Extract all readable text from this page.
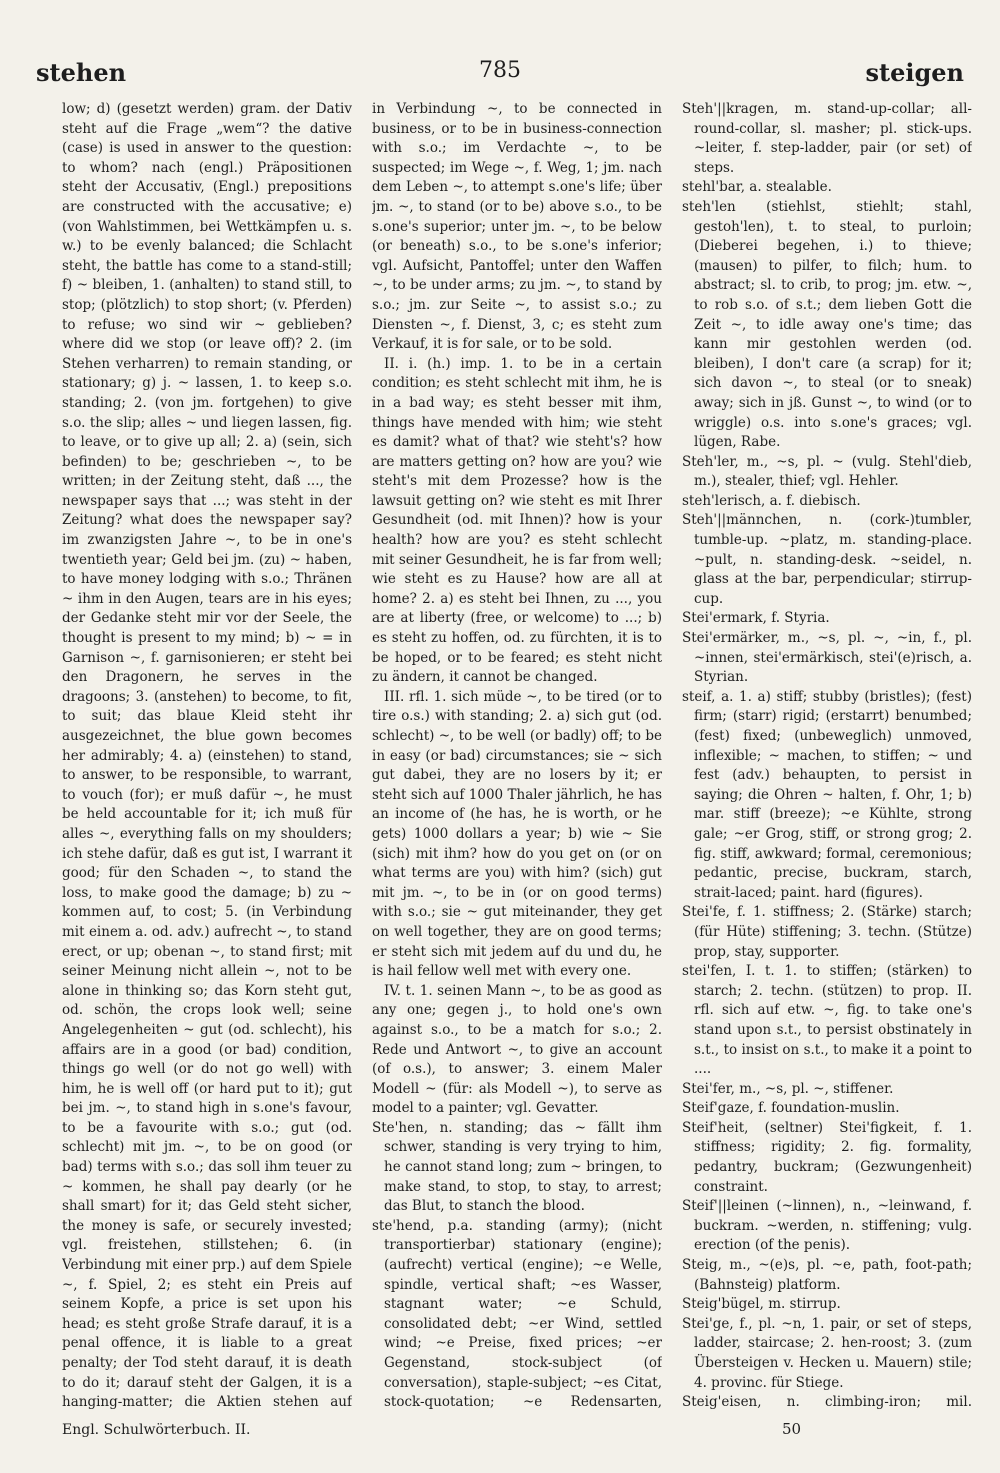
stehen	785	steigen

low; d) (gesetzt werden) gram. der Dativ steht auf die Frage „wem“? the dative (case) is used in answer to the question: to whom? nach (engl.) Präpositionen steht der Accusativ, (Engl.) prepositions are constructed with the accusative; e) (von Wahlstimmen, bei Wettkämpfen u. s. w.) to be evenly balanced; die Schlacht steht, the battle has come to a stand-still; f) ~ bleiben, 1. (anhalten) to stand still, to stop; (plötzlich) to stop short; (v. Pferden) to refuse; wo sind wir ~ geblieben? where did we stop (or leave off)? 2. (im Stehen verharren) to remain standing, or stationary; g) j. ~ lassen, 1. to keep s.o. standing; 2. (von jm. fortgehen) to give s.o. the slip; alles ~ und liegen lassen, fig. to leave, or to give up all; 2. a) (sein, sich befinden) to be; geschrieben ~, to be written; in der Zeitung steht, daß ..., the newspaper says that ...; was steht in der Zeitung? what does the newspaper say? im zwanzigsten Jahre ~, to be in one's twentieth year; Geld bei jm. (zu) ~ haben, to have money lodging with s.o.; Thränen ~ ihm in den Augen, tears are in his eyes; der Gedanke steht mir vor der Seele, the thought is present to my mind; b) ~ = in Garnison ~, f. garnisonieren; er steht bei den Dragonern, he serves in the dragoons; 3. (anstehen) to become, to fit, to suit; das blaue Kleid steht ihr ausgezeichnet, the blue gown becomes her admirably; 4. a) (einstehen) to stand, to answer, to be responsible, to warrant, to vouch (for); er muß dafür ~, he must be held accountable for it; ich muß für alles ~, everything falls on my shoulders; ich stehe dafür, daß es gut ist, I warrant it good; für den Schaden ~, to stand the loss, to make good the damage; b) zu ~ kommen auf, to cost; 5. (in Verbindung mit einem a. od. adv.) aufrecht ~, to stand erect, or up; obenan ~, to stand first; mit seiner Meinung nicht allein ~, not to be alone in thinking so; das Korn steht gut, od. schön, the crops look well; seine Angelegenheiten ~ gut (od. schlecht), his affairs are in a good (or bad) condition, things go well (or do not go well) with him, he is well off (or hard put to it); gut bei jm. ~, to stand high in s.one's favour, to be a favourite with s.o.; gut (od. schlecht) mit jm. ~, to be on good (or bad) terms with s.o.; das soll ihm teuer zu ~ kommen, he shall pay dearly (or he shall smart) for it; das Geld steht sicher, the money is safe, or securely invested; vgl. freistehen, stillstehen; 6. (in Verbindung mit einer prp.) auf dem Spiele ~, f. Spiel, 2; es steht ein Preis auf seinem Kopfe, a price is set upon his head; es steht große Strafe darauf, it is a penal offence, it is liable to a great penalty; der Tod steht darauf, it is death to do it; darauf steht der Galgen, it is a hanging-matter; die Aktien stehen auf

in Verbindung ~, to be connected in business, or to be in business-connection with s.o.; im Verdachte ~, to be suspected; im Wege ~, f. Weg, 1; jm. nach dem Leben ~, to attempt s.one's life; über jm. ~, to stand (or to be) above s.o., to be s.one's superior; unter jm. ~, to be below (or beneath) s.o., to be s.one's inferior; vgl. Aufsicht, Pantoffel; unter den Waffen ~, to be under arms; zu jm. ~, to stand by s.o.; jm. zur Seite ~, to assist s.o.; zu Diensten ~, f. Dienst, 3, c; es steht zum Verkauf, it is for sale, or to be sold.

II. i. (h.) imp. 1. to be in a certain condition; es steht schlecht mit ihm, he is in a bad way; es steht besser mit ihm, things have mended with him; wie steht es damit? what of that? wie steht's? how are matters getting on? how are you? wie steht's mit dem Prozesse? how is the lawsuit getting on? wie steht es mit Ihrer Gesundheit (od. mit Ihnen)? how is your health? how are you? es steht schlecht mit seiner Gesundheit, he is far from well; wie steht es zu Hause? how are all at home? 2. a) es steht bei Ihnen, zu ..., you are at liberty (free, or welcome) to ...; b) es steht zu hoffen, od. zu fürchten, it is to be hoped, or to be feared; es steht nicht zu ändern, it cannot be changed.

III. rfl. 1. sich müde ~, to be tired (or to tire o.s.) with standing; 2. a) sich gut (od. schlecht) ~, to be well (or badly) off; to be in easy (or bad) circumstances; sie ~ sich gut dabei, they are no losers by it; er steht sich auf 1000 Thaler jährlich, he has an income of (he has, he is worth, or he gets) 1000 dollars a year; b) wie ~ Sie (sich) mit ihm? how do you get on (or on what terms are you) with him? (sich) gut mit jm. ~, to be in (or on good terms) with s.o.; sie ~ gut miteinander, they get on well together, they are on good terms; er steht sich mit jedem auf du und du, he is hail fellow well met with every one.

IV. t. 1. seinen Mann ~, to be as good as any one; gegen j., to hold one's own against s.o., to be a match for s.o.; 2. Rede und Antwort ~, to give an account (of o.s.), to answer; 3. einem Maler Modell ~ (für: als Modell ~), to serve as model to a painter; vgl. Gevatter.

Ste'hen, n. standing; das ~ fällt ihm schwer, standing is very trying to him, he cannot stand long; zum ~ bringen, to make stand, to stop, to stay, to arrest; das Blut, to stanch the blood.

ste'hend, p.a. standing (army); (nicht transportierbar) stationary (engine); (aufrecht) vertical (engine); ~e Welle, spindle, vertical shaft; ~es Wasser, stagnant water; ~e Schuld, consolidated debt; ~er Wind, settled wind; ~e Preise, fixed prices; ~er Gegenstand, stock-subject (of conversation), staple-subject; ~es Citat, stock-quotation; ~e Redensarten,

Steh'||kragen, m. stand-up-collar; all-round-collar, sl. masher; pl. stick-ups. ~leiter, f. step-ladder, pair (or set) of steps.

stehl'bar, a. stealable.

steh'len (stiehlst, stiehlt; stahl, gestoh'len), t. to steal, to purloin; (Dieberei begehen, i.) to thieve; (mausen) to pilfer, to filch; hum. to abstract; sl. to crib, to prog; jm. etw. ~, to rob s.o. of s.t.; dem lieben Gott die Zeit ~, to idle away one's time; das kann mir gestohlen werden (od. bleiben), I don't care (a scrap) for it; sich davon ~, to steal (or to sneak) away; sich in jß. Gunst ~, to wind (or to wriggle) o.s. into s.one's graces; vgl. lügen, Rabe.

Steh'ler, m., ~s, pl. ~ (vulg. Stehl'dieb, m.), stealer, thief; vgl. Hehler.

steh'lerisch, a. f. diebisch.

Steh'||männchen, n. (cork-)tumbler, tumble-up. ~platz, m. standing-place. ~pult, n. standing-desk. ~seidel, n. glass at the bar, perpendicular; stirrup-cup.

Stei'ermark, f. Styria.

Stei'ermärker, m., ~s, pl. ~, ~in, f., pl. ~innen, stei'ermärkisch, stei'(e)risch, a. Styrian.

steif, a. 1. a) stiff; stubby (bristles); (fest) firm; (starr) rigid; (erstarrt) benumbed; (fest) fixed; (unbeweglich) unmoved, inflexible; ~ machen, to stiffen; ~ und fest (adv.) behaupten, to persist in saying; die Ohren ~ halten, f. Ohr, 1; b) mar. stiff (breeze); ~e Kühlte, strong gale; ~er Grog, stiff, or strong grog; 2. fig. stiff, awkward; formal, ceremonious; pedantic, precise, buckram, starch, strait-laced; paint. hard (figures).

Stei'fe, f. 1. stiffness; 2. (Stärke) starch; (für Hüte) stiffening; 3. techn. (Stütze) prop, stay, supporter.

stei'fen, I. t. 1. to stiffen; (stärken) to starch; 2. techn. (stützen) to prop. II. rfl. sich auf etw. ~, fig. to take one's stand upon s.t., to persist obstinately in s.t., to insist on s.t., to make it a point to ....

Stei'fer, m., ~s, pl. ~, stiffener.

Steif'gaze, f. foundation-muslin.

Steif'heit, (seltner) Stei'figkeit, f. 1. stiffness; rigidity; 2. fig. formality, pedantry, buckram; (Gezwungenheit) constraint.

Steif'||leinen (~linnen), n., ~leinwand, f. buckram. ~werden, n. stiffening; vulg. erection (of the penis).

Steig, m., ~(e)s, pl. ~e, path, foot-path; (Bahnsteig) platform.

Steig'bügel, m. stirrup.

Stei'ge, f., pl. ~n, 1. pair, or set of steps, ladder, staircase; 2. hen-roost; 3. (zum Übersteigen v. Hecken u. Mauern) stile; 4. provinc. für Stiege.

Steig'eisen, n. climbing-iron; mil.

Engl. Schulwörterbuch. II.	50
